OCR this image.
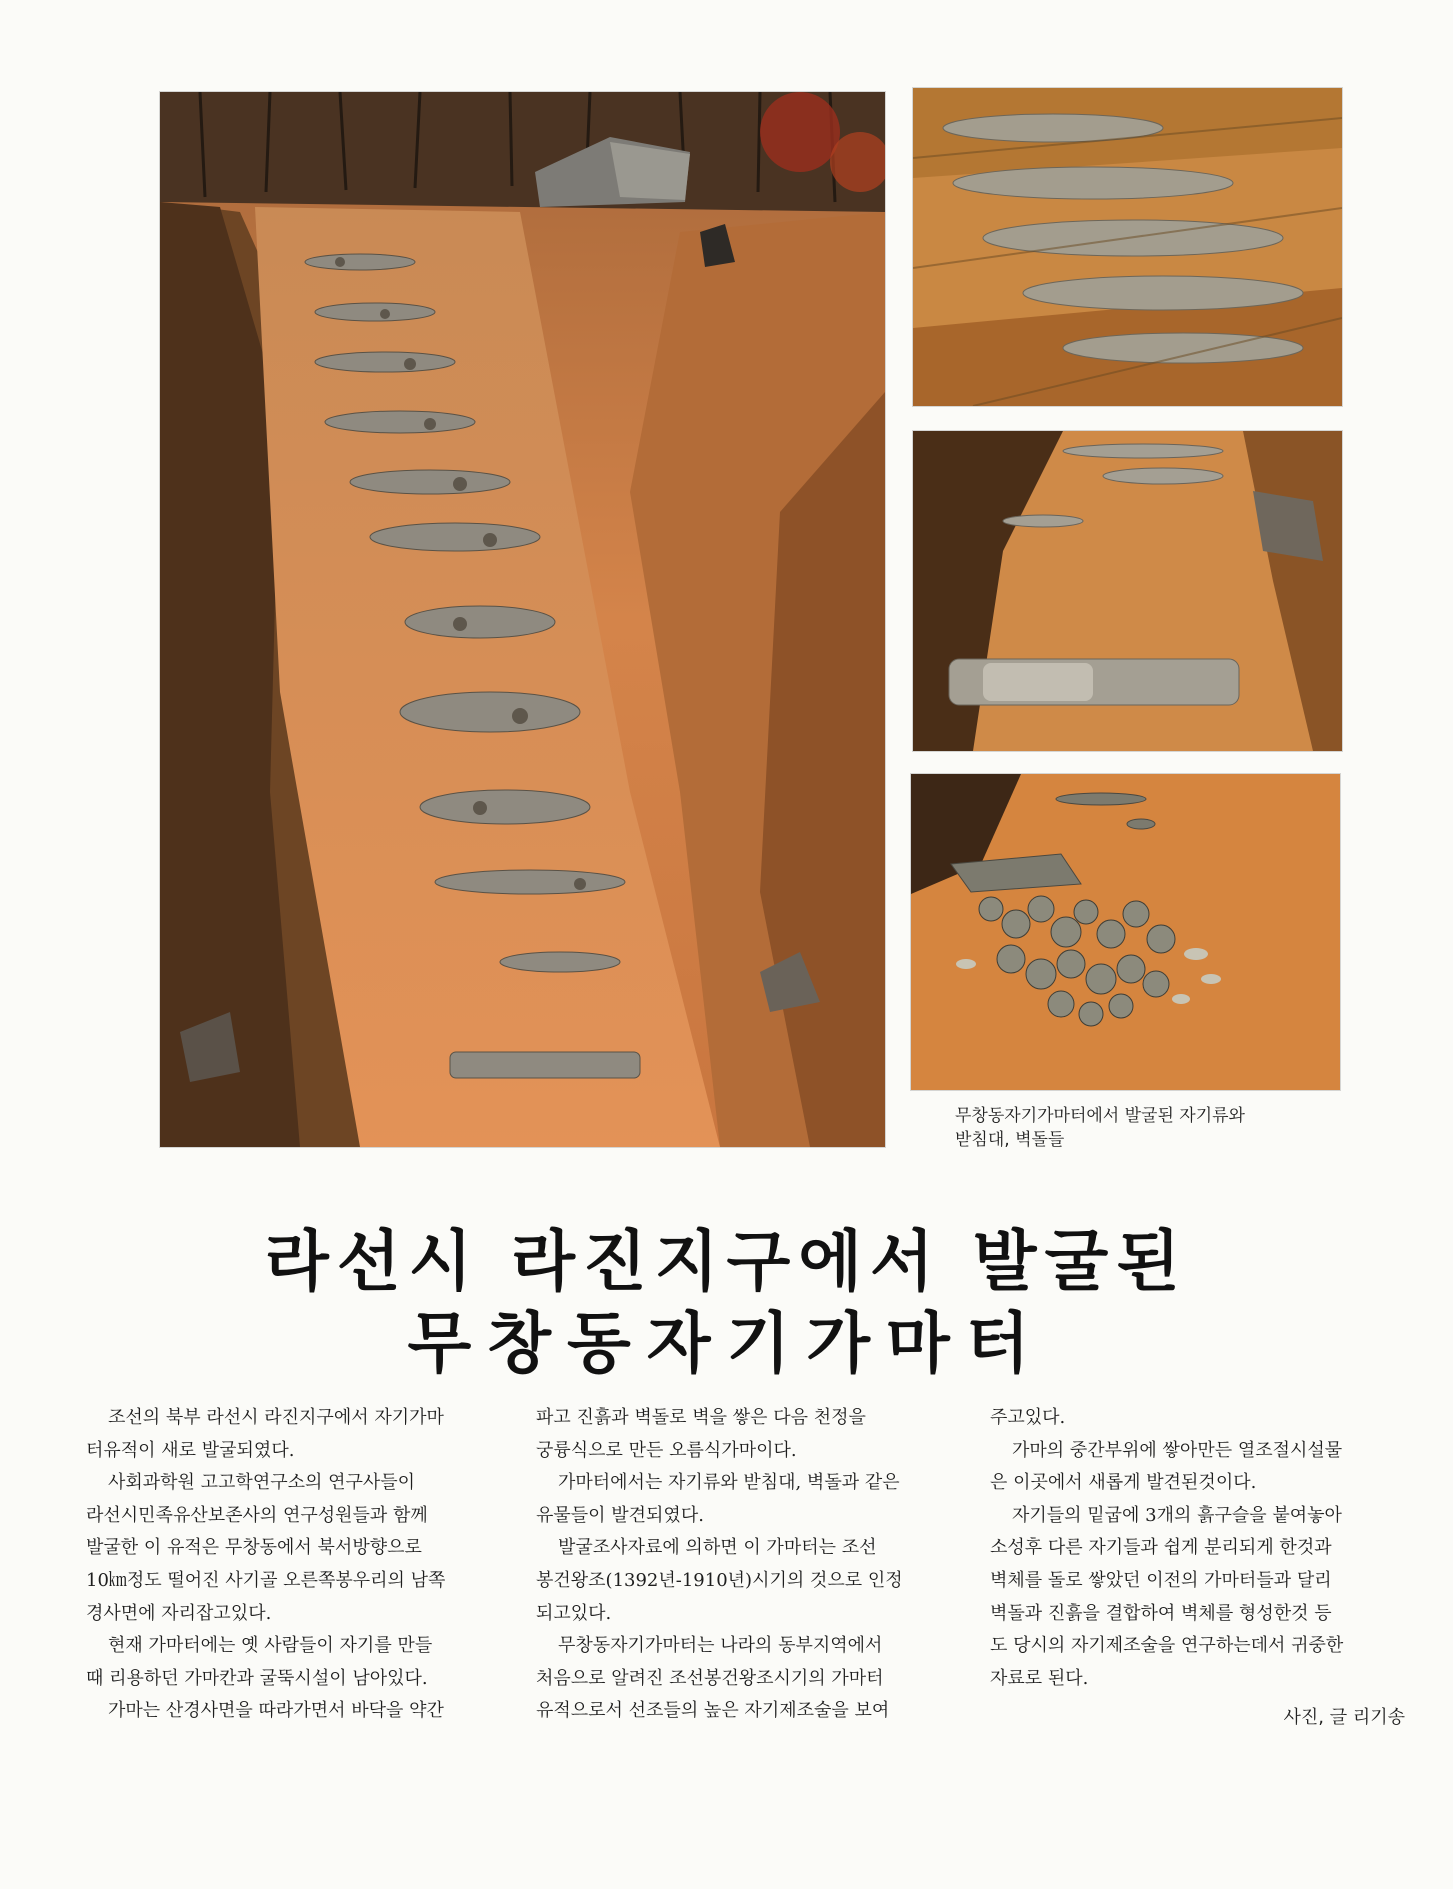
무창동자기가마터에서 발굴된 자기류와
받침대, 벽돌들
라선시 라진지구에서 발굴된
무창동자기가마터

조선의 북부 라선시 라진지구에서 자기가마

터유적이 새로 발굴되였다.

사회과학원 고고학연구소의 연구사들이

라선시민족유산보존사의 연구성원들과 함께

발굴한 이 유적은 무창동에서 북서방향으로

10㎞정도 떨어진 사기골 오른쪽봉우리의 남쪽

경사면에 자리잡고있다.

현재 가마터에는 옛 사람들이 자기를 만들

때 리용하던 가마칸과 굴뚝시설이 남아있다.

가마는 산경사면을 따라가면서 바닥을 약간

파고 진흙과 벽돌로 벽을 쌓은 다음 천정을

궁륭식으로 만든 오름식가마이다.

가마터에서는 자기류와 받침대, 벽돌과 같은

유물들이 발견되였다.

발굴조사자료에 의하면 이 가마터는 조선

봉건왕조(1392년-1910년)시기의 것으로 인정

되고있다.

무창동자기가마터는 나라의 동부지역에서

처음으로 알려진 조선봉건왕조시기의 가마터

유적으로서 선조들의 높은 자기제조술을 보여

주고있다.

가마의 중간부위에 쌓아만든 열조절시설물

은 이곳에서 새롭게 발견된것이다.

자기들의 밑굽에 3개의 흙구슬을 붙여놓아

소성후 다른 자기들과 쉽게 분리되게 한것과

벽체를 돌로 쌓았던 이전의 가마터들과 달리

벽돌과 진흙을 결합하여 벽체를 형성한것 등

도 당시의 자기제조술을 연구하는데서 귀중한

자료로 된다.

사진, 글 리기송
